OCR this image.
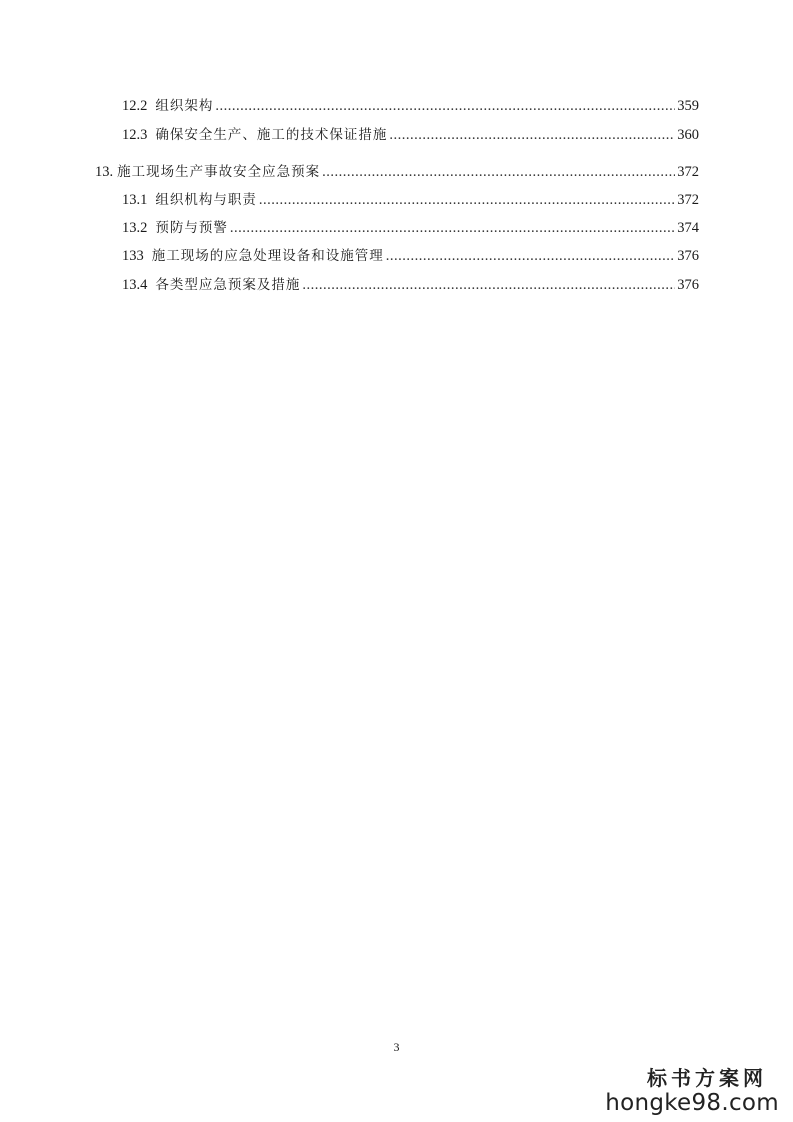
12.2 组织架构 .....	359
12.3 确保安全生产、施工的技术保证措施 .....	360
13. 施工现场生产事故安全应急预案 .....	372
13.1 组织机构与职责 .....	372
13.2 预防与预警 .....	374
133 施工现场的应急处理设备和设施管理 .....	376
13.4 各类型应急预案及措施 .....	376
3
标书方案网
hongke98.com
